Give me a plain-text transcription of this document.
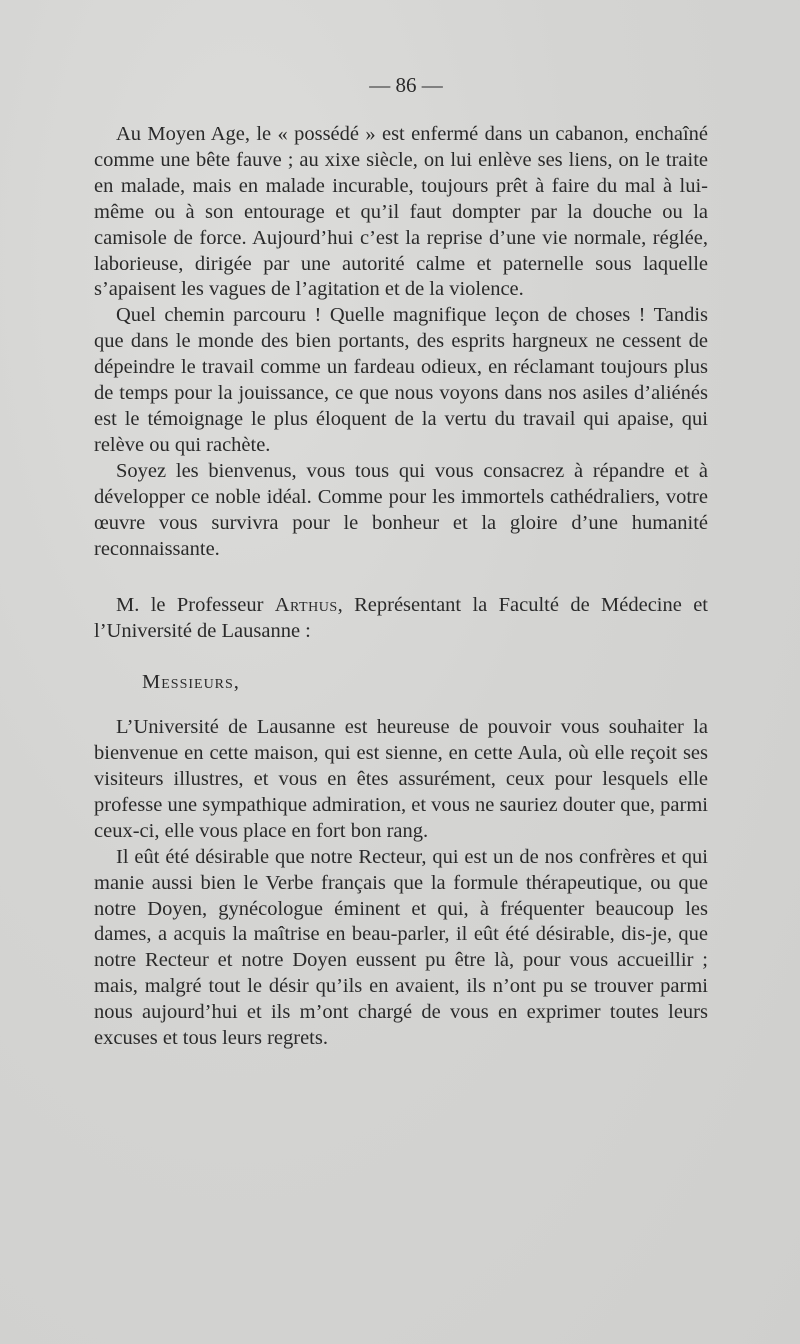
— 86 —

Au Moyen Age, le « possédé » est enfermé dans un cabanon, enchaîné comme une bête fauve ; au xixe siècle, on lui enlève ses liens, on le traite en malade, mais en malade incurable, toujours prêt à faire du mal à lui-même ou à son entourage et qu’il faut dompter par la douche ou la camisole de force. Aujourd’hui c’est la reprise d’une vie normale, réglée, laborieuse, dirigée par une autorité calme et paternelle sous laquelle s’apaisent les vagues de l’agitation et de la violence.

Quel chemin parcouru ! Quelle magnifique leçon de choses ! Tandis que dans le monde des bien portants, des esprits hargneux ne cessent de dépeindre le travail comme un fardeau odieux, en réclamant toujours plus de temps pour la jouissance, ce que nous voyons dans nos asiles d’aliénés est le témoignage le plus éloquent de la vertu du travail qui apaise, qui relève ou qui rachète.

Soyez les bienvenus, vous tous qui vous consacrez à répandre et à développer ce noble idéal. Comme pour les immortels cathédraliers, votre œuvre vous survivra pour le bonheur et la gloire d’une humanité reconnaissante.

M. le Professeur Arthus, Représentant la Faculté de Médecine et l’Université de Lausanne :

Messieurs,

L’Université de Lausanne est heureuse de pouvoir vous souhaiter la bienvenue en cette maison, qui est sienne, en cette Aula, où elle reçoit ses visiteurs illustres, et vous en êtes assurément, ceux pour lesquels elle professe une sympathique admiration, et vous ne sauriez douter que, parmi ceux-ci, elle vous place en fort bon rang.

Il eût été désirable que notre Recteur, qui est un de nos confrères et qui manie aussi bien le Verbe français que la formule thérapeutique, ou que notre Doyen, gynécologue éminent et qui, à fréquenter beaucoup les dames, a acquis la maîtrise en beau-parler, il eût été désirable, dis-je, que notre Recteur et notre Doyen eussent pu être là, pour vous accueillir ; mais, malgré tout le désir qu’ils en avaient, ils n’ont pu se trouver parmi nous aujourd’hui et ils m’ont chargé de vous en exprimer toutes leurs excuses et tous leurs regrets.
